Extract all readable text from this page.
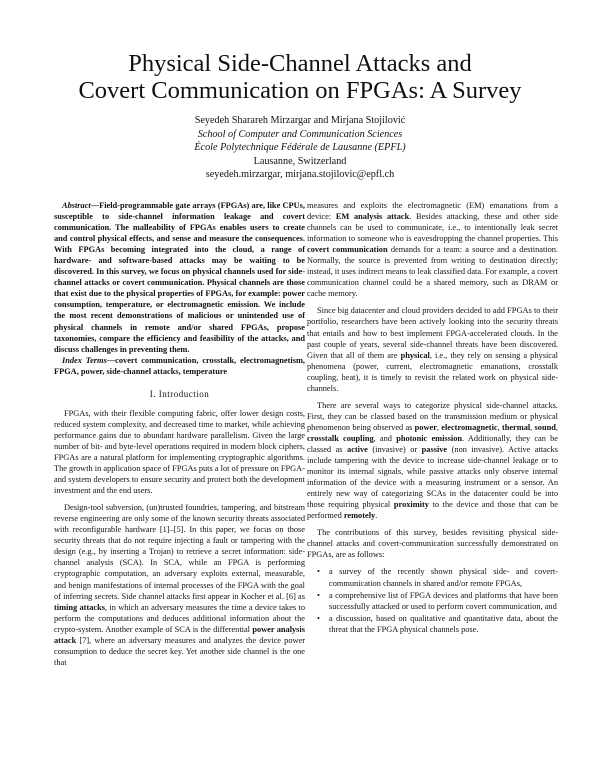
Physical Side-Channel Attacks and
Covert Communication on FPGAs: A Survey
Seyedeh Sharareh Mirzargar and Mirjana Stojilović
School of Computer and Communication Sciences
École Polytechnique Fédérale de Lausanne (EPFL)
Lausanne, Switzerland
seyedeh.mirzargar, mirjana.stojilovic@epfl.ch
Abstract—Field-programmable gate arrays (FPGAs) are, like CPUs, susceptible to side-channel information leakage and covert communication. The malleability of FPGAs enables users to create and control physical effects, and sense and measure the consequences. With FPGAs becoming integrated into the cloud, a range of hardware- and software-based attacks may be waiting to be discovered. In this survey, we focus on physical channels used for side-channel attacks or covert communication. Physical channels are those that exist due to the physical properties of FPGAs, for example: power consumption, temperature, or electromagnetic emission. We include the most recent demonstrations of malicious or unintended use of physical channels in remote and/or shared FPGAs, propose taxonomies, compare the efficiency and feasibility of the attacks, and discuss challenges in preventing them.
Index Terms—covert communication, crosstalk, electromagnetism, FPGA, power, side-channel attacks, temperature
I. Introduction

FPGAs, with their flexible computing fabric, offer lower design costs, reduced system complexity, and decreased time to market, while achieving performance gains due to abundant hardware parallelism. Given the large number of bit- and byte-level operations required in modern block ciphers, FPGAs are a natural platform for implementing cryptographic algorithms. The growth in application space of FPGAs puts a lot of pressure on FPGA- and system developers to ensure security and protect both the development investment and the end users.

Design-tool subversion, (un)trusted foundries, tampering, and bitstream reverse engineering are only some of the known security threats associated with reconfigurable hardware [1]–[5]. In this paper, we focus on those security threats that do not require injecting a fault or tampering with the design (e.g., by inserting a Trojan) to retrieve a secret information: side-channel analysis (SCA). In SCA, while an FPGA is performing cryptographic computation, an adversary exploits external, measurable, and benign manifestations of internal processes of the FPGA with the goal of inferring secrets. Side channel attacks first appear in Kocher et al. [6] as timing attacks, in which an adversary measures the time a device takes to perform the computations and deduces additional information about the crypto-system. Another example of SCA is the differential power analysis attack [7], where an adversary measures and analyzes the device power consumption to deduce the secret key. Yet another side channel is the one that

measures and exploits the electromagnetic (EM) emanations from a device: EM analysis attack. Besides attacking, these and other side channels can be used to communicate, i.e., to intentionally leak secret information to someone who is eavesdropping the channel properties. This covert communication demands for a team: a source and a destination. Normally, the source is prevented from writing to destination directly; instead, it uses indirect means to leak classified data. For example, a covert communication channel could be a shared memory, such as DRAM or cache memory.

Since big datacenter and cloud providers decided to add FPGAs to their portfolio, researchers have been actively looking into the security threats that entails and how to best implement FPGA-accelerated clouds. In the past couple of years, several side-channel threats have been discovered. Given that all of them are physical, i.e., they rely on sensing a physical phenomena (power, current, electromagnetic emanations, crosstalk coupling, heat), it is timely to revisit the related work on physical side-channels.

There are several ways to categorize physical side-channel attacks. First, they can be classed based on the transmission medium or physical phenomenon being observed as power, electromagnetic, thermal, sound, crosstalk coupling, and photonic emission. Additionally, they can be classed as active (invasive) or passive (non invasive). Active attacks include tampering with the device to increase side-channel leakage or to monitor its internal signals, while passive attacks only observe internal information of the device with a measuring instrument or a sensor. An entirely new way of categorizing SCAs in the datacenter could be into those requiring physical proximity to the device and those that can be performed remotely.

The contributions of this survey, besides revisiting physical side-channel attacks and covert-communication successfully demonstrated on FPGAs, are as follows:

• a survey of the recently shown physical side- and covert-communication channels in shared and/or remote FPGAs,
• a comprehensive list of FPGA devices and platforms that have been successfully attacked or used to perform covert communication, and
• a discussion, based on qualitative and quantitative data, about the threat that the FPGA physical channels pose.
